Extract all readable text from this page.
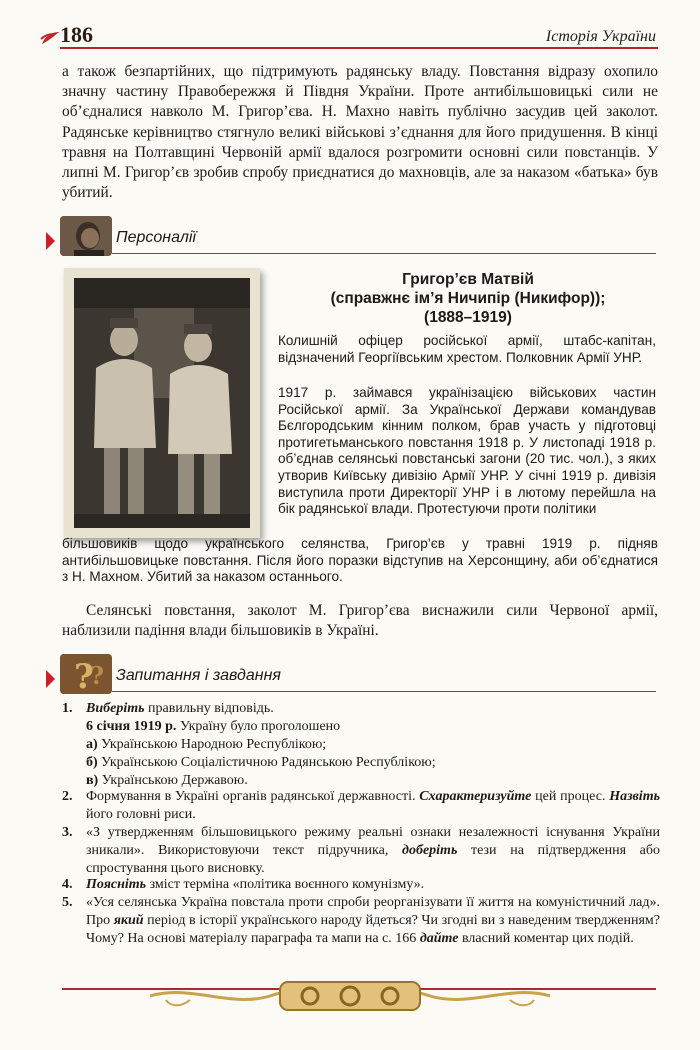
186	Історія України
а також безпартійних, що підтримують радянську владу. Повстання відразу охопило значну частину Правобережжя й Півдня України. Проте антибільшовицькі сили не об’єдналися навколо М. Григор’єва. Н. Махно навіть публічно засудив цей заколот. Радянське керівництво стягнуло великі військові з’єднання для його придушення. В кінці травня на Полтавщині Червоній армії вдалося розгромити основні сили повстанців. У липні М. Григор’єв зробив спробу приєднатися до махновців, але за наказом «батька» був убитий.
Персоналії
Григор’єв Матвій
(справжнє ім’я Ничипір (Никифор));
(1888–1919)
Колишній офіцер російської армії, штабс-капітан, відзначений Георгіївським хрестом. Полковник Армії УНР.
1917 р. займався українізацією військових частин Російської армії. За Української Держави командував Бєлгородським кінним полком, брав участь у підготовці протигетьманського повстання 1918 р. У листопаді 1918 р. об’єднав селянські повстанські загони (20 тис. чол.), з яких утворив Київську дивізію Армії УНР. У січні 1919 р. дивізія виступила проти Директорії УНР і в лютому перейшла на бік радянської влади. Протестуючи проти політики
більшовиків щодо українського селянства, Григор’єв у травні 1919 р. підняв антибільшовицьке повстання. Після його поразки відступив на Херсонщину, аби об’єднатися з Н. Махном. Убитий за наказом останнього.
Селянські повстання, заколот М. Григор’єва виснажили сили Червоної армії, наблизили падіння влади більшовиків в Україні.
?
? Запитання і завдання
1. Виберіть правильну відповідь.
6 січня 1919 р. Україну було проголошено
а) Українською Народною Республікою;
б) Українською Соціалістичною Радянською Республікою;
в) Українською Державою.
2. Формування в Україні органів радянської державності. Схарактеризуйте цей процес. Назвіть його головні риси.
3. «З утвердженням більшовицького режиму реальні ознаки незалежності існування України зникали». Використовуючи текст підручника, доберіть тези на підтвердження або спростування цього висновку.
4. Поясніть зміст терміна «політика воєнного комунізму».
5. «Уся селянська Україна повстала проти спроби реорганізувати її життя на комуністичний лад». Про який період в історії українського народу йдеться? Чи згодні ви з наведеним твердженням? Чому? На основі матеріалу параграфа та мапи на с. 166 дайте власний коментар цих подій.
